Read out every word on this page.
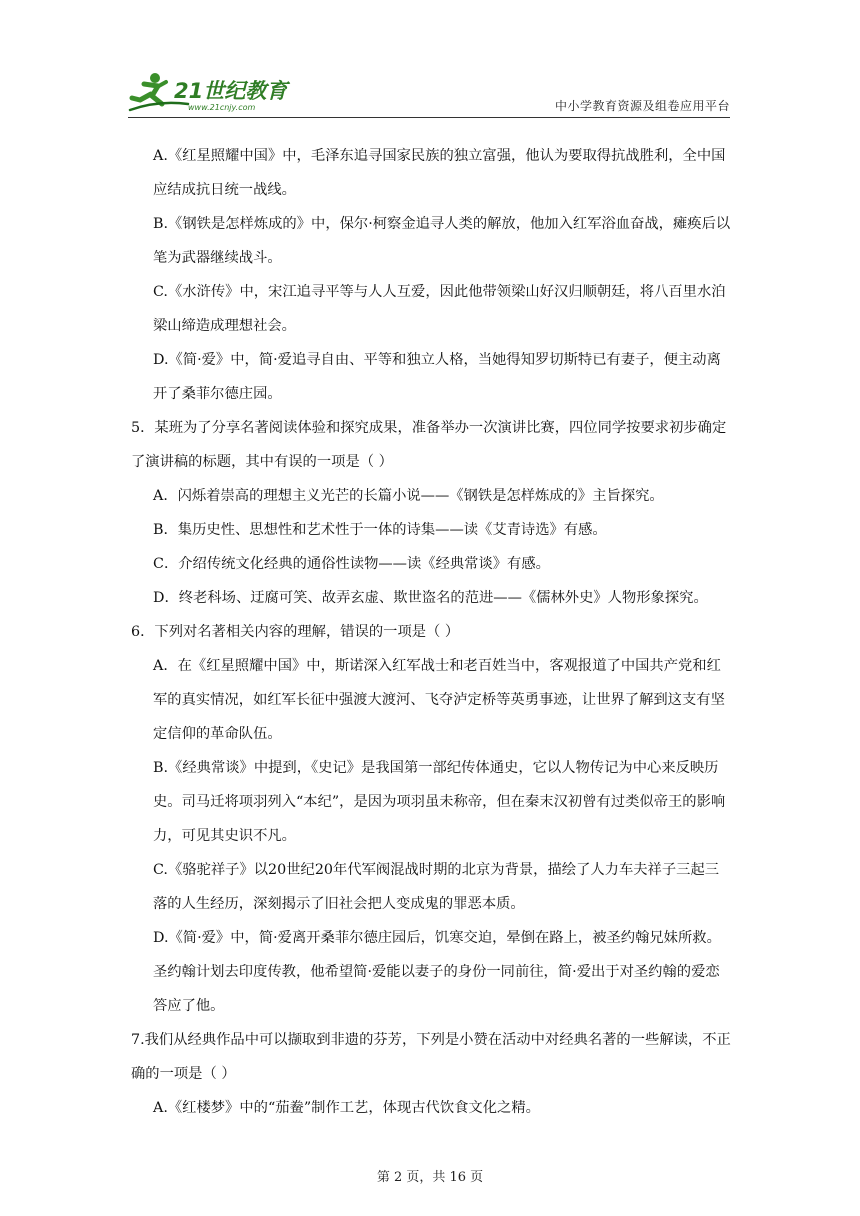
21世纪教育
www.21cnjy.com	中小学教育资源及组卷应用平台

A.《红星照耀中国》中，毛泽东追寻国家民族的独立富强，他认为要取得抗战胜利，全中国应结成抗日统一战线。

B.《钢铁是怎样炼成的》中，保尔·柯察金追寻人类的解放，他加入红军浴血奋战，瘫痪后以笔为武器继续战斗。

C.《水浒传》中，宋江追寻平等与人人互爱，因此他带领梁山好汉归顺朝廷，将八百里水泊梁山缔造成理想社会。

D.《简·爱》中，简·爱追寻自由、平等和独立人格，当她得知罗切斯特已有妻子，便主动离开了桑菲尔德庄园。

5．某班为了分享名著阅读体验和探究成果，准备举办一次演讲比赛，四位同学按要求初步确定了演讲稿的标题，其中有误的一项是（ ）

A．闪烁着崇高的理想主义光芒的长篇小说——《钢铁是怎样炼成的》主旨探究。

B．集历史性、思想性和艺术性于一体的诗集——读《艾青诗选》有感。

C．介绍传统文化经典的通俗性读物——读《经典常谈》有感。

D．终老科场、迂腐可笑、故弄玄虚、欺世盗名的范进——《儒林外史》人物形象探究。

6．下列对名著相关内容的理解，错误的一项是（ ）

A．在《红星照耀中国》中，斯诺深入红军战士和老百姓当中，客观报道了中国共产党和红军的真实情况，如红军长征中强渡大渡河、飞夺泸定桥等英勇事迹，让世界了解到这支有坚定信仰的革命队伍。

B.《经典常谈》中提到，《史记》是我国第一部纪传体通史，它以人物传记为中心来反映历史。司马迁将项羽列入“本纪”，是因为项羽虽未称帝，但在秦末汉初曾有过类似帝王的影响力，可见其史识不凡。

C.《骆驼祥子》以20世纪20年代军阀混战时期的北京为背景，描绘了人力车夫祥子三起三落的人生经历，深刻揭示了旧社会把人变成鬼的罪恶本质。

D.《简·爱》中，简·爱离开桑菲尔德庄园后，饥寒交迫，晕倒在路上，被圣约翰兄妹所救。圣约翰计划去印度传教，他希望简·爱能以妻子的身份一同前往，简·爱出于对圣约翰的爱恋答应了他。

7.我们从经典作品中可以撷取到非遗的芬芳，下列是小赞在活动中对经典名著的一些解读，不正确的一项是（ ）

A.《红楼梦》中的“茄鲞”制作工艺，体现古代饮食文化之精。

第 2 页，共 16 页
